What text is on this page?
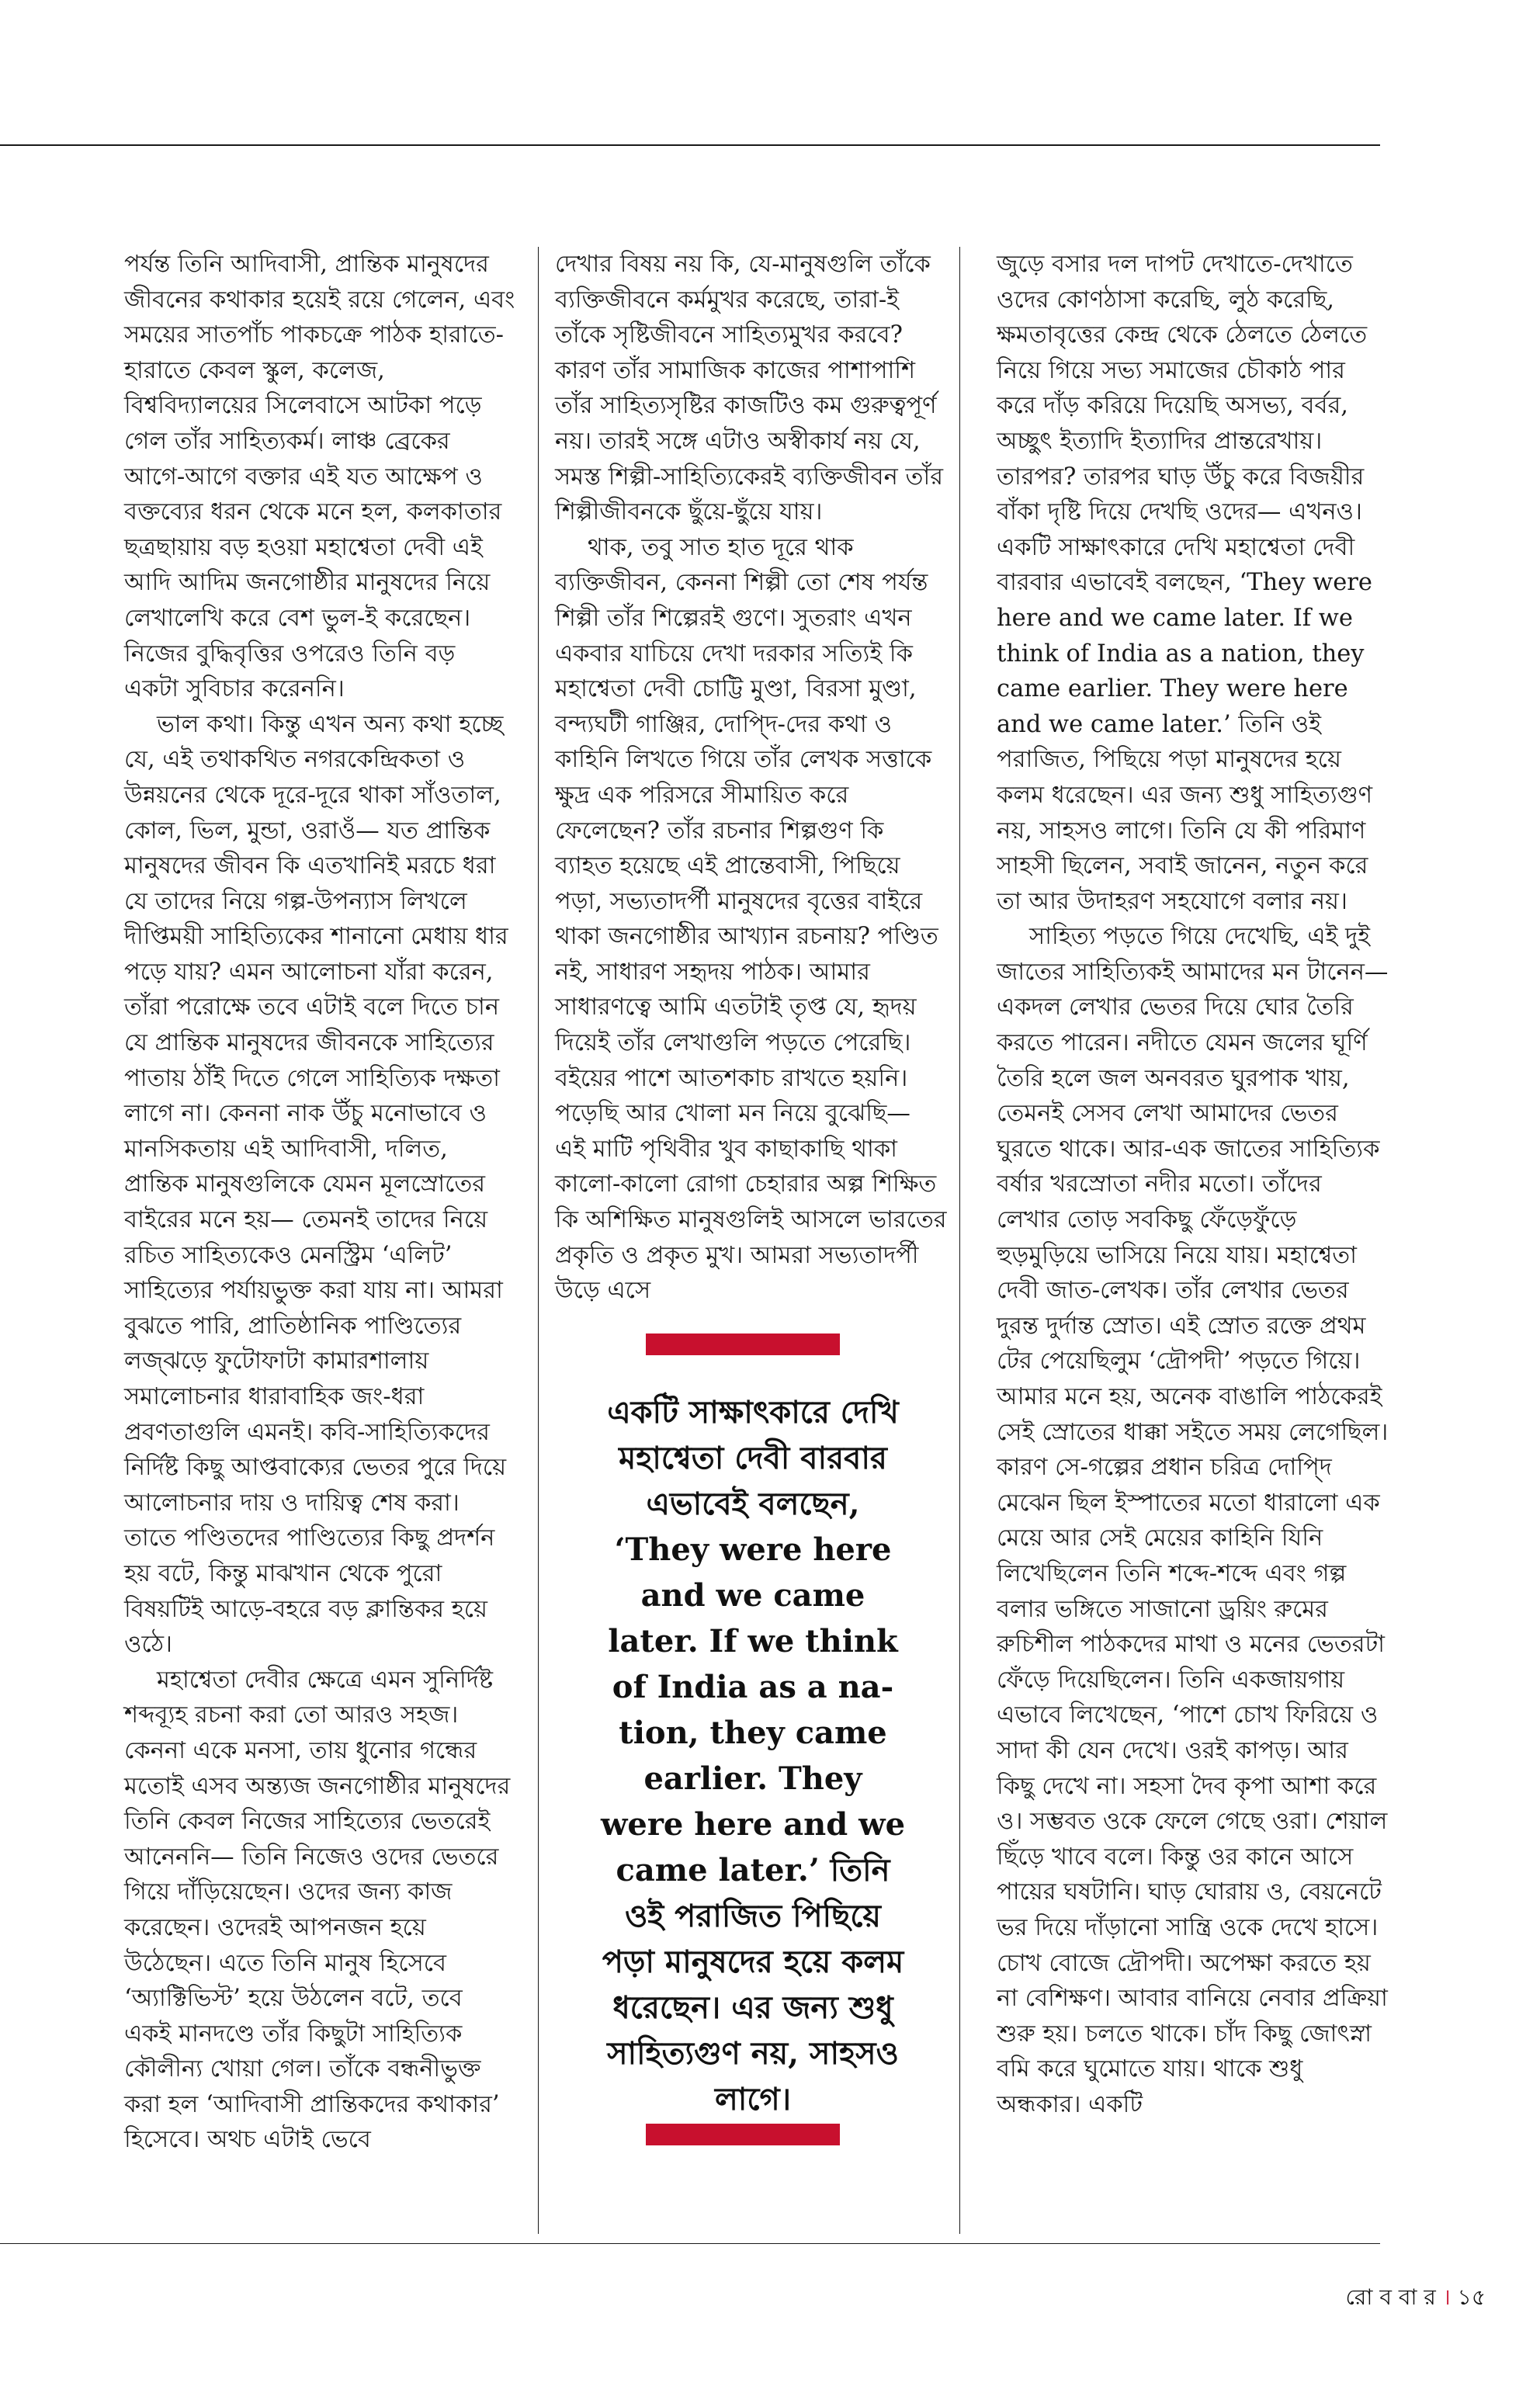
পর্যন্ত তিনি আদিবাসী, প্রান্তিক মানুষদের জীবনের কথাকার হয়েই রয়ে গেলেন, এবং সময়ের সাতপাঁচ পাকচক্রে পাঠক হারাতে-হারাতে কেবল স্কুল, কলেজ, বিশ্ববিদ্যালয়ের সিলেবাসে আটকা পড়ে গেল তাঁর সাহিত্যকর্ম। লাঞ্চ ব্রেকের আগে-আগে বক্তার এই যত আক্ষেপ ও বক্তব্যের ধরন থেকে মনে হল, কলকাতার ছত্রছায়ায় বড় হওয়া মহাশ্বেতা দেবী এই আদি আদিম জনগোষ্ঠীর মানুষদের নিয়ে লেখালেখি করে বেশ ভুল-ই করেছেন। নিজের বুদ্ধিবৃত্তির ওপরেও তিনি বড় একটা সুবিচার করেননি।

ভাল কথা। কিন্তু এখন অন্য কথা হচ্ছে যে, এই তথাকথিত নগরকেন্দ্রিকতা ও উন্নয়নের থেকে দূরে-দূরে থাকা সাঁওতাল, কোল, ভিল, মুন্ডা, ওরাওঁ— যত প্রান্তিক মানুষদের জীবন কি এতখানিই মরচে ধরা যে তাদের নিয়ে গল্প-উপন্যাস লিখলে দীপ্তিময়ী সাহিত্যিকের শানানো মেধায় ধার পড়ে যায়? এমন আলোচনা যাঁরা করেন, তাঁরা পরোক্ষে তবে এটাই বলে দিতে চান যে প্রান্তিক মানুষদের জীবনকে সাহিত্যের পাতায় ঠাঁই দিতে গেলে সাহিত্যিক দক্ষতা লাগে না। কেননা নাক উঁচু মনোভাবে ও মানসিকতায় এই আদিবাসী, দলিত, প্রান্তিক মানুষগুলিকে যেমন মূলস্রোতের বাইরের মনে হয়— তেমনই তাদের নিয়ে রচিত সাহিত্যকেও মেনস্ট্রিম ‘এলিট’ সাহিত্যের পর্যায়ভুক্ত করা যায় না। আমরা বুঝতে পারি, প্রাতিষ্ঠানিক পাণ্ডিত্যের লজ্‌ঝড়ে ফুটোফাটা কামারশালায় সমালোচনার ধারাবাহিক জং-ধরা প্রবণতাগুলি এমনই। কবি-সাহিত্যিকদের নির্দিষ্ট কিছু আপ্তবাক্যের ভেতর পুরে দিয়ে আলোচনার দায় ও দায়িত্ব শেষ করা। তাতে পণ্ডিতদের পাণ্ডিত্যের কিছু প্রদর্শন হয় বটে, কিন্তু মাঝখান থেকে পুরো বিষয়টিই আড়ে-বহরে বড় ক্লান্তিকর হয়ে ওঠে।

মহাশ্বেতা দেবীর ক্ষেত্রে এমন সুনির্দিষ্ট শব্দব্যূহ রচনা করা তো আরও সহজ। কেননা একে মনসা, তায় ধুনোর গন্ধের মতোই এসব অন্ত্যজ জনগোষ্ঠীর মানুষদের তিনি কেবল নিজের সাহিত্যের ভেতরেই আনেননি— তিনি নিজেও ওদের ভেতরে গিয়ে দাঁড়িয়েছেন। ওদের জন্য কাজ করেছেন। ওদেরই আপনজন হয়ে উঠেছেন। এতে তিনি মানুষ হিসেবে ‘অ্যাক্টিভিস্ট’ হয়ে উঠলেন বটে, তবে একই মানদণ্ডে তাঁর কিছুটা সাহিত্যিক কৌলীন্য খোয়া গেল। তাঁকে বন্ধনীভুক্ত করা হল ‘আদিবাসী প্রান্তিকদের কথাকার’ হিসেবে। অথচ এটাই ভেবে

দেখার বিষয় নয় কি, যে-মানুষগুলি তাঁকে ব্যক্তিজীবনে কর্মমুখর করেছে, তারা-ই তাঁকে সৃষ্টিজীবনে সাহিত্যমুখর করবে? কারণ তাঁর সামাজিক কাজের পাশাপাশি তাঁর সাহিত্যসৃষ্টির কাজটিও কম গুরুত্বপূর্ণ নয়। তারই সঙ্গে এটাও অস্বীকার্য নয় যে, সমস্ত শিল্পী-সাহিত্যিকেরই ব্যক্তিজীবন তাঁর শিল্পীজীবনকে ছুঁয়ে-ছুঁয়ে যায়।

থাক, তবু সাত হাত দূরে থাক ব্যক্তিজীবন, কেননা শিল্পী তো শেষ পর্যন্ত শিল্পী তাঁর শিল্পেরই গুণে। সুতরাং এখন একবার যাচিয়ে দেখা দরকার সত্যিই কি মহাশ্বেতা দেবী চোট্টি মুণ্ডা, বিরসা মুণ্ডা, বন্দ্যঘটী গাঞ্জির, দোপ্দি-দের কথা ও কাহিনি লিখতে গিয়ে তাঁর লেখক সত্তাকে ক্ষুদ্র এক পরিসরে সীমায়িত করে ফেলেছেন? তাঁর রচনার শিল্পগুণ কি ব্যাহত হয়েছে এই প্রান্তেবাসী, পিছিয়ে পড়া, সভ্যতাদর্পী মানুষদের বৃত্তের বাইরে থাকা জনগোষ্ঠীর আখ্যান রচনায়? পণ্ডিত নই, সাধারণ সহৃদয় পাঠক। আমার সাধারণত্বে আমি এতটাই তৃপ্ত যে, হৃদয় দিয়েই তাঁর লেখাগুলি পড়তে পেরেছি। বইয়ের পাশে আতশকাচ রাখতে হয়নি। পড়েছি আর খোলা মন নিয়ে বুঝেছি— এই মাটি পৃথিবীর খুব কাছাকাছি থাকা কালো-কালো রোগা চেহারার অল্প শিক্ষিত কি অশিক্ষিত মানুষগুলিই আসলে ভারতের প্রকৃতি ও প্রকৃত মুখ। আমরা সভ্যতাদর্পী উড়ে এসে

একটি সাক্ষাৎকারে দেখি মহাশ্বেতা দেবী বারবার এভাবেই বলছেন, ‘They were here and we came later. If we think of India as a na-tion, they came earlier. They were here and we came later.’ তিনি ওই পরাজিত পিছিয়ে পড়া মানুষদের হয়ে কলম ধরেছেন। এর জন্য শুধু সাহিত্যগুণ নয়, সাহসও লাগে।

জুড়ে বসার দল দাপট দেখাতে-দেখাতে ওদের কোণঠাসা করেছি, লুঠ করেছি, ক্ষমতাবৃত্তের কেন্দ্র থেকে ঠেলতে ঠেলতে নিয়ে গিয়ে সভ্য সমাজের চৌকাঠ পার করে দাঁড় করিয়ে দিয়েছি অসভ্য, বর্বর, অচ্ছুৎ ইত্যাদি ইত্যাদির প্রান্তরেখায়। তারপর? তারপর ঘাড় উঁচু করে বিজয়ীর বাঁকা দৃষ্টি দিয়ে দেখছি ওদের— এখনও। একটি সাক্ষাৎকারে দেখি মহাশ্বেতা দেবী বারবার এভাবেই বলছেন, ‘They were here and we came later. If we think of India as a nation, they came earlier. They were here and we came later.’ তিনি ওই পরাজিত, পিছিয়ে পড়া মানুষদের হয়ে কলম ধরেছেন। এর জন্য শুধু সাহিত্যগুণ নয়, সাহসও লাগে। তিনি যে কী পরিমাণ সাহসী ছিলেন, সবাই জানেন, নতুন করে তা আর উদাহরণ সহযোগে বলার নয়।

সাহিত্য পড়তে গিয়ে দেখেছি, এই দুই জাতের সাহিত্যিকই আমাদের মন টানেন— একদল লেখার ভেতর দিয়ে ঘোর তৈরি করতে পারেন। নদীতে যেমন জলের ঘূর্ণি তৈরি হলে জল অনবরত ঘুরপাক খায়, তেমনই সেসব লেখা আমাদের ভেতর ঘুরতে থাকে। আর-এক জাতের সাহিত্যিক বর্ষার খরস্রোতা নদীর মতো। তাঁদের লেখার তোড় সবকিছু ফেঁড়েফুঁড়ে হুড়মুড়িয়ে ভাসিয়ে নিয়ে যায়। মহাশ্বেতা দেবী জাত-লেখক। তাঁর লেখার ভেতর দুরন্ত দুর্দান্ত স্রোত। এই স্রোত রক্তে প্রথম টের পেয়েছিলুম ‘দ্রৌপদী’ পড়তে গিয়ে। আমার মনে হয়, অনেক বাঙালি পাঠকেরই সেই স্রোতের ধাক্কা সইতে সময় লেগেছিল। কারণ সে-গল্পের প্রধান চরিত্র দোপ্দি মেঝেন ছিল ইস্পাতের মতো ধারালো এক মেয়ে আর সেই মেয়ের কাহিনি যিনি লিখেছিলেন তিনি শব্দে-শব্দে এবং গল্প বলার ভঙ্গিতে সাজানো ড্রয়িং রুমের রুচিশীল পাঠকদের মাথা ও মনের ভেতরটা ফেঁড়ে দিয়েছিলেন। তিনি একজায়গায় এভাবে লিখেছেন, ‘পাশে চোখ ফিরিয়ে ও সাদা কী যেন দেখে। ওরই কাপড়। আর কিছু দেখে না। সহসা দৈব কৃপা আশা করে ও। সম্ভবত ওকে ফেলে গেছে ওরা। শেয়াল ছিঁড়ে খাবে বলে। কিন্তু ওর কানে আসে পায়ের ঘষটানি। ঘাড় ঘোরায় ও, বেয়নেটে ভর দিয়ে দাঁড়ানো সান্ত্রি ওকে দেখে হাসে। চোখ বোজে দ্রৌপদী। অপেক্ষা করতে হয় না বেশিক্ষণ। আবার বানিয়ে নেবার প্রক্রিয়া শুরু হয়। চলতে থাকে। চাঁদ কিছু জোৎস্না বমি করে ঘুমোতে যায়। থাকে শুধু অন্ধকার। একটি

রো ব বা র । ১৫
